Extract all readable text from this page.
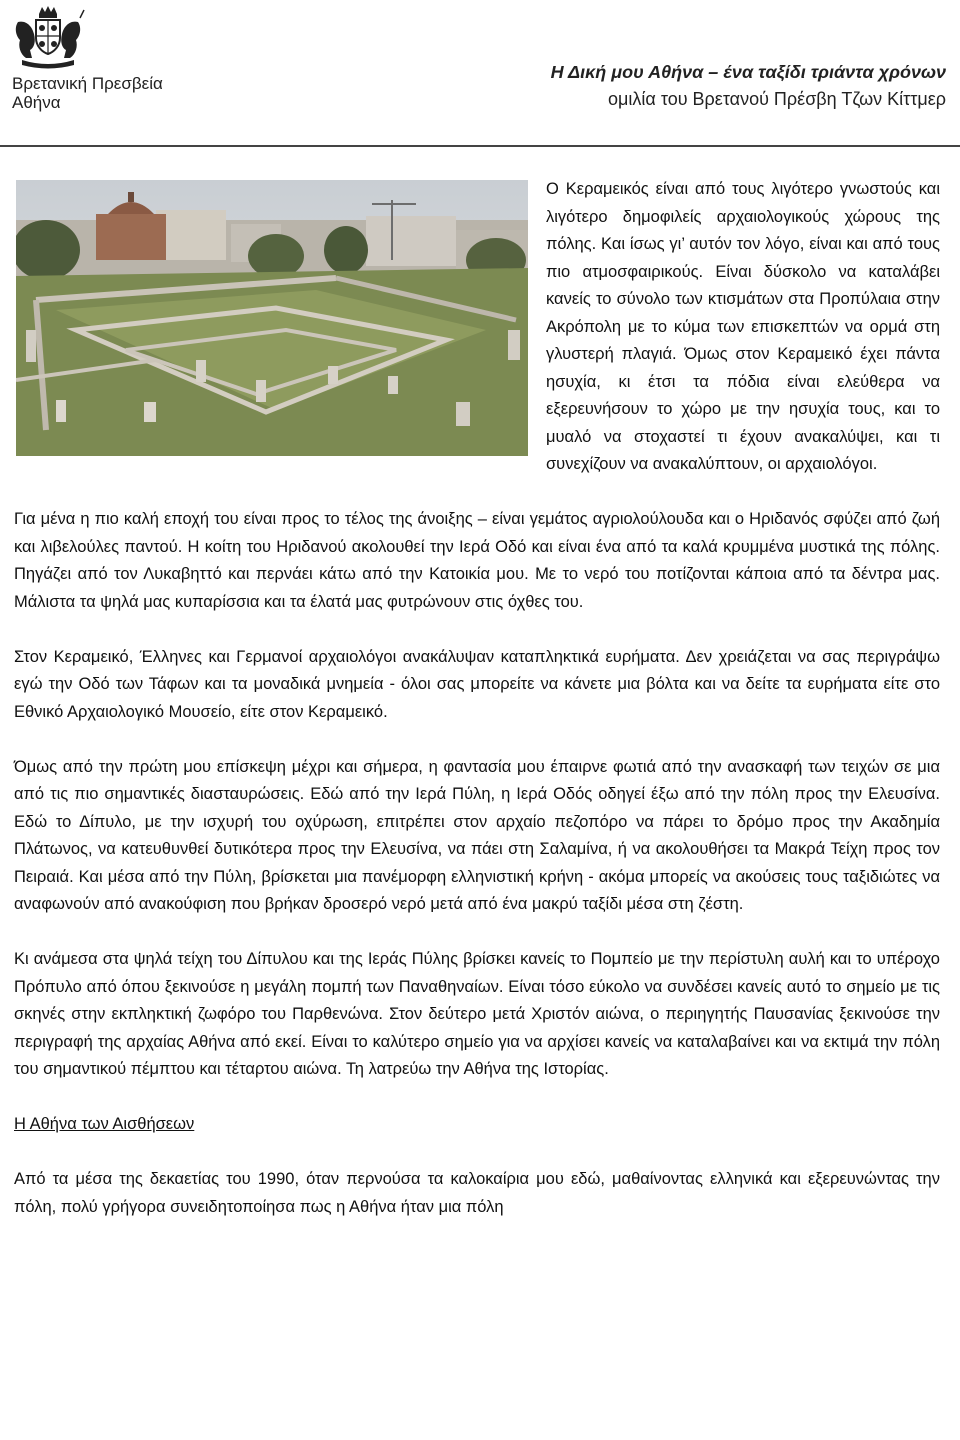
Βρετανική Πρεσβεία
Αθήνα
Η Δική μου Αθήνα – ένα ταξίδι τριάντα χρόνων
ομιλία του Βρετανού Πρέσβη Τζων Κίττμερ

Ο Κεραμεικός είναι από τους λιγότερο γνωστούς και λιγότερο δημοφιλείς αρχαιολογικούς χώρους της πόλης. Και ίσως γι’ αυτόν τον λόγο, είναι και από τους πιο ατμοσφαιρικούς. Είναι δύσκολο να καταλάβει κανείς το σύνολο των κτισμάτων στα Προπύλαια στην Ακρόπολη με το κύμα των επισκεπτών να ορμά στη γλυστερή πλαγιά. Όμως στον Κεραμεικό έχει πάντα ησυχία, κι έτσι τα πόδια είναι ελεύθερα να εξερευνήσουν το χώρο με την ησυχία τους, και το μυαλό να στοχαστεί τι έχουν ανακαλύψει, και τι συνεχίζουν να ανακαλύπτουν, οι αρχαιολόγοι.

Για μένα η πιο καλή εποχή του είναι προς το τέλος της άνοιξης – είναι γεμάτος αγριολούλουδα και ο Ηριδανός σφύζει από ζωή και λιβελούλες παντού. Η κοίτη του Ηριδανού ακολουθεί την Ιερά Οδό και είναι ένα από τα καλά κρυμμένα μυστικά της πόλης. Πηγάζει από τον Λυκαβηττό και περνάει κάτω από την Κατοικία μου. Με το νερό του ποτίζονται κάποια από τα δέντρα μας. Μάλιστα τα ψηλά μας κυπαρίσσια και τα έλατά μας φυτρώνουν στις όχθες του.

Στον Κεραμεικό, Έλληνες και Γερμανοί αρχαιολόγοι ανακάλυψαν καταπληκτικά ευρήματα. Δεν χρειάζεται να σας περιγράψω εγώ την Οδό των Τάφων και τα μοναδικά μνημεία - όλοι σας μπορείτε να κάνετε μια βόλτα και να δείτε τα ευρήματα είτε στο Εθνικό Αρχαιολογικό Μουσείο, είτε στον Κεραμεικό.

Όμως από την πρώτη μου επίσκεψη μέχρι και σήμερα, η φαντασία μου έπαιρνε φωτιά από την ανασκαφή των τειχών σε μια από τις πιο σημαντικές διασταυρώσεις. Εδώ από την Ιερά Πύλη, η Ιερά Οδός οδηγεί έξω από την πόλη προς την Ελευσίνα. Εδώ το Δίπυλο, με την ισχυρή του οχύρωση, επιτρέπει στον αρχαίο πεζοπόρο να πάρει το δρόμο προς την Ακαδημία Πλάτωνος, να κατευθυνθεί δυτικότερα προς την Ελευσίνα, να πάει στη Σαλαμίνα, ή να ακολουθήσει τα Μακρά Τείχη προς τον Πειραιά. Και μέσα από την Πύλη, βρίσκεται μια πανέμορφη ελληνιστική κρήνη - ακόμα μπορείς να ακούσεις τους ταξιδιώτες να αναφωνούν από ανακούφιση που βρήκαν δροσερό νερό μετά από ένα μακρύ ταξίδι μέσα στη ζέστη.

Κι ανάμεσα στα ψηλά τείχη του Δίπυλου και της Ιεράς Πύλης βρίσκει κανείς το Πομπείο με την περίστυλη αυλή και το υπέροχο Πρόπυλο από όπου ξεκινούσε η μεγάλη πομπή των Παναθηναίων. Είναι τόσο εύκολο να συνδέσει κανείς αυτό το σημείο με τις σκηνές στην εκπληκτική ζωφόρο του Παρθενώνα. Στον δεύτερο μετά Χριστόν αιώνα, ο περιηγητής Παυσανίας ξεκινούσε την περιγραφή της αρχαίας Αθήνα από εκεί. Είναι το καλύτερο σημείο για να αρχίσει κανείς να καταλαβαίνει και να εκτιμά την πόλη του σημαντικού πέμπτου και τέταρτου αιώνα. Τη λατρεύω την Αθήνα της Ιστορίας.

Η Αθήνα των Αισθήσεων

Από τα μέσα της δεκαετίας του 1990, όταν περνούσα τα καλοκαίρια μου εδώ, μαθαίνοντας ελληνικά και εξερευνώντας την πόλη, πολύ γρήγορα συνειδητοποίησα πως η Αθήνα ήταν μια πόλη
